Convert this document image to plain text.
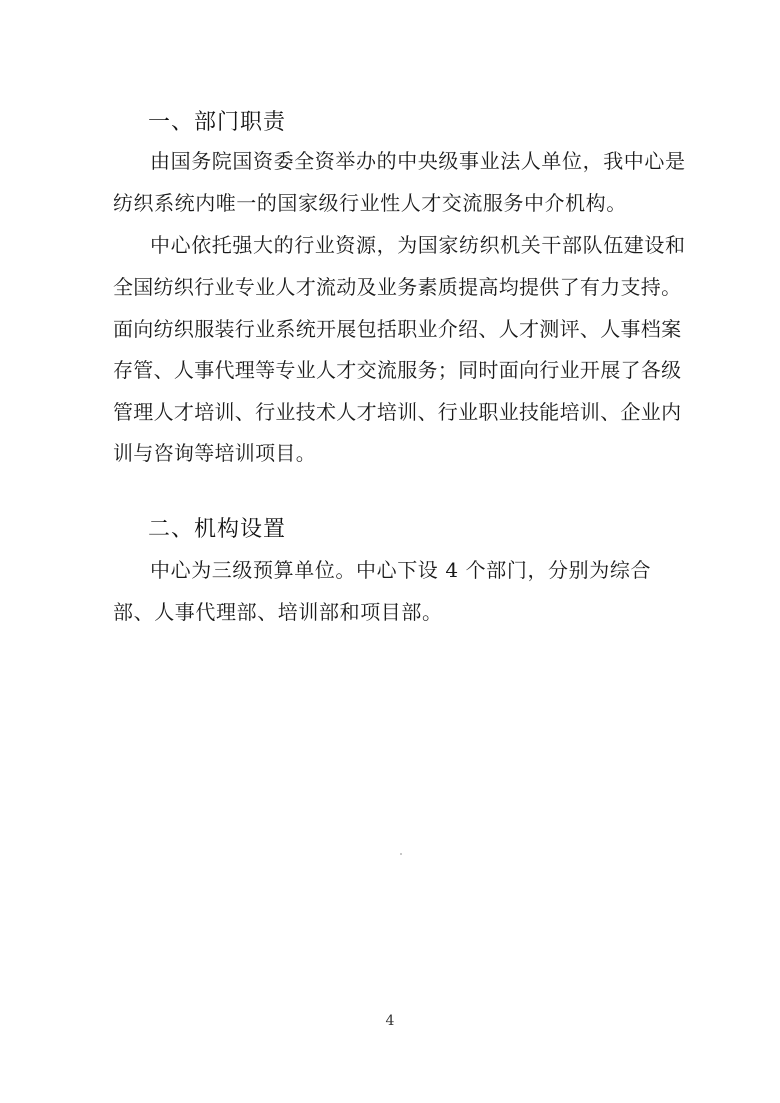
一、部门职责
由国务院国资委全资举办的中央级事业法人单位，我中心是
纺织系统内唯一的国家级行业性人才交流服务中介机构。
中心依托强大的行业资源，为国家纺织机关干部队伍建设和
全国纺织行业专业人才流动及业务素质提高均提供了有力支持。
面向纺织服装行业系统开展包括职业介绍、人才测评、人事档案
存管、人事代理等专业人才交流服务；同时面向行业开展了各级
管理人才培训、行业技术人才培训、行业职业技能培训、企业内
训与咨询等培训项目。
二、机构设置
中心为三级预算单位。中心下设 4 个部门，分别为综合
部、人事代理部、培训部和项目部。
4
